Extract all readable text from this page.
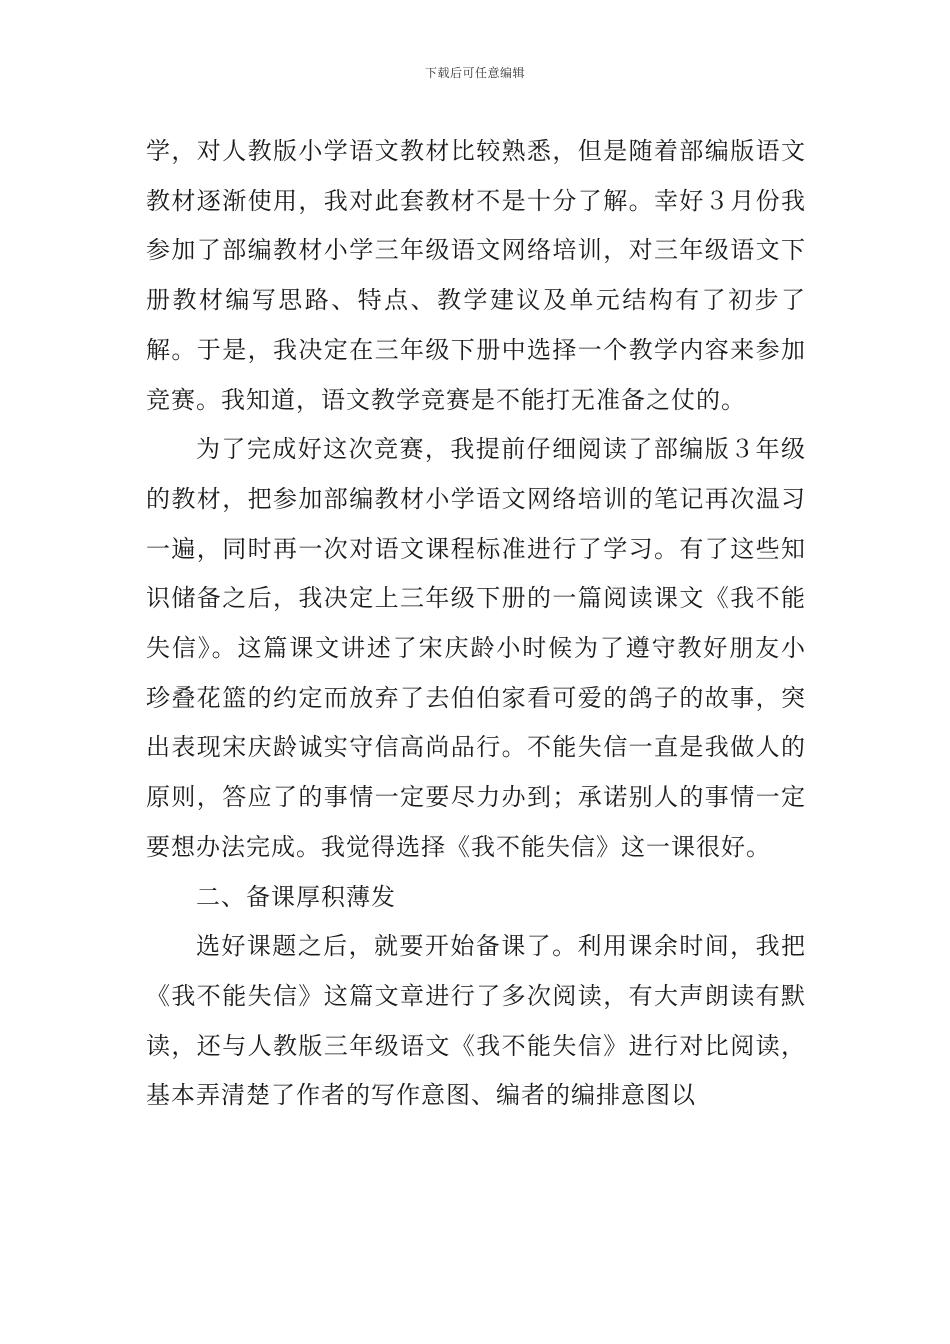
下载后可任意编辑

学，对人教版小学语文教材比较熟悉，但是随着部编版语文教材逐渐使用，我对此套教材不是十分了解。幸好３月份我参加了部编教材小学三年级语文网络培训，对三年级语文下册教材编写思路、特点、教学建议及单元结构有了初步了解。于是，我决定在三年级下册中选择一个教学内容来参加竞赛。我知道，语文教学竞赛是不能打无准备之仗的。

为了完成好这次竞赛，我提前仔细阅读了部编版３年级的教材，把参加部编教材小学语文网络培训的笔记再次温习一遍，同时再一次对语文课程标准进行了学习。有了这些知识储备之后，我决定上三年级下册的一篇阅读课文《我不能失信》。这篇课文讲述了宋庆龄小时候为了遵守教好朋友小珍叠花篮的约定而放弃了去伯伯家看可爱的鸽子的故事，突出表现宋庆龄诚实守信高尚品行。不能失信一直是我做人的原则，答应了的事情一定要尽力办到；承诺别人的事情一定要想办法完成。我觉得选择《我不能失信》这一课很好。

二、备课厚积薄发

选好课题之后，就要开始备课了。利用课余时间，我把《我不能失信》这篇文章进行了多次阅读，有大声朗读有默读，还与人教版三年级语文《我不能失信》进行对比阅读，基本弄清楚了作者的写作意图、编者的编排意图以
